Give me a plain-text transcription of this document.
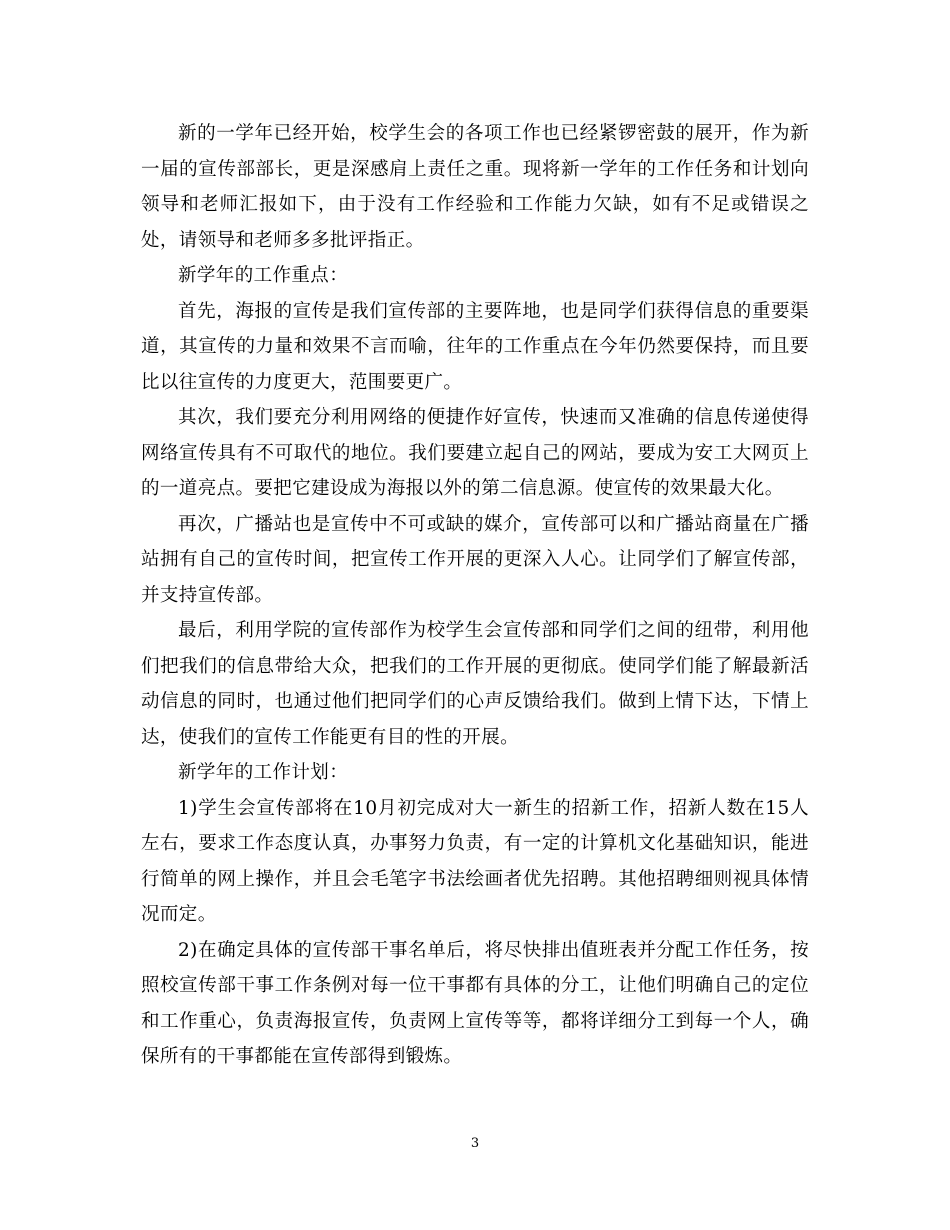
新的一学年已经开始，校学生会的各项工作也已经紧锣密鼓的展开，作为新一届的宣传部部长，更是深感肩上责任之重。现将新一学年的工作任务和计划向领导和老师汇报如下，由于没有工作经验和工作能力欠缺，如有不足或错误之处，请领导和老师多多批评指正。

新学年的工作重点：

首先，海报的宣传是我们宣传部的主要阵地，也是同学们获得信息的重要渠道，其宣传的力量和效果不言而喻，往年的工作重点在今年仍然要保持，而且要比以往宣传的力度更大，范围要更广。

其次，我们要充分利用网络的便捷作好宣传，快速而又准确的信息传递使得网络宣传具有不可取代的地位。我们要建立起自己的网站，要成为安工大网页上的一道亮点。要把它建设成为海报以外的第二信息源。使宣传的效果最大化。

再次，广播站也是宣传中不可或缺的媒介，宣传部可以和广播站商量在广播站拥有自己的宣传时间，把宣传工作开展的更深入人心。让同学们了解宣传部，并支持宣传部。

最后，利用学院的宣传部作为校学生会宣传部和同学们之间的纽带，利用他们把我们的信息带给大众，把我们的工作开展的更彻底。使同学们能了解最新活动信息的同时，也通过他们把同学们的心声反馈给我们。做到上情下达，下情上达，使我们的宣传工作能更有目的性的开展。

新学年的工作计划：

1)学生会宣传部将在10月初完成对大一新生的招新工作，招新人数在15人左右，要求工作态度认真，办事努力负责，有一定的计算机文化基础知识，能进行简单的网上操作，并且会毛笔字书法绘画者优先招聘。其他招聘细则视具体情况而定。

2)在确定具体的宣传部干事名单后，将尽快排出值班表并分配工作任务，按照校宣传部干事工作条例对每一位干事都有具体的分工，让他们明确自己的定位和工作重心，负责海报宣传，负责网上宣传等等，都将详细分工到每一个人，确保所有的干事都能在宣传部得到锻炼。

3
